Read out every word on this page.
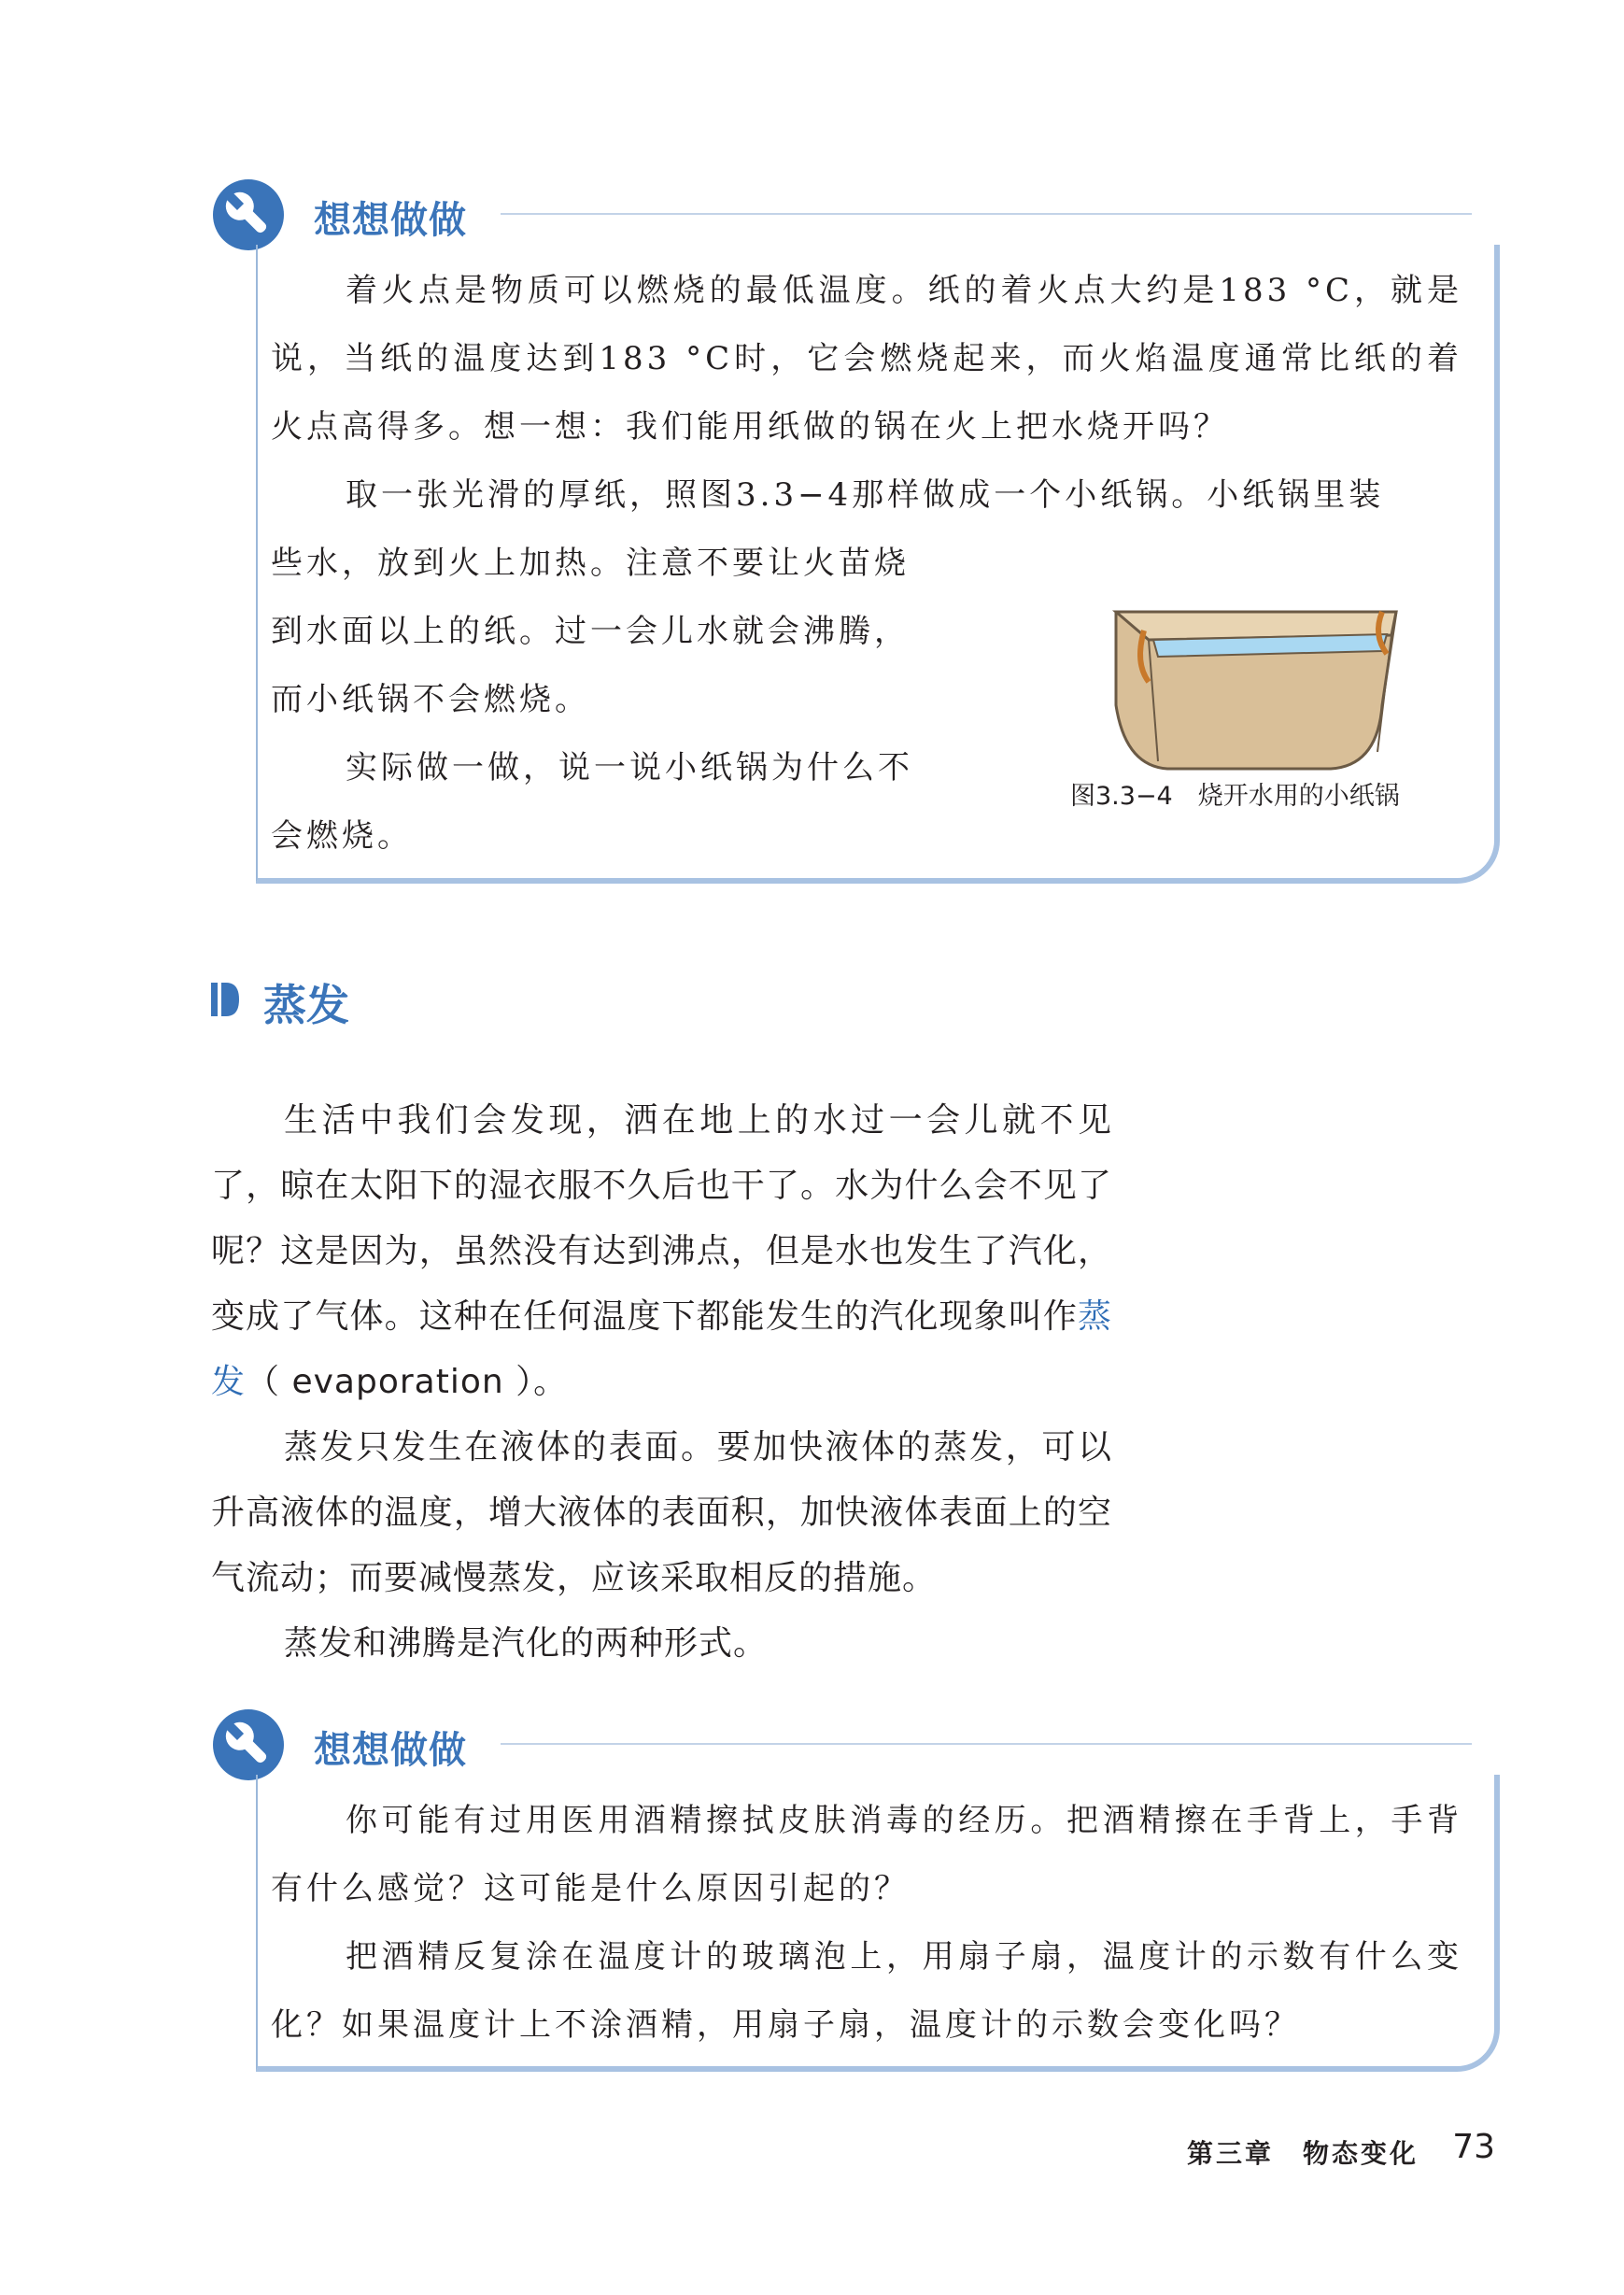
想想做做

着火点是物质可以燃烧的最低温度。纸的着火点大约是183 °C，就是说，当纸的温度达到183 °C时，它会燃烧起来，而火焰温度通常比纸的着火点高得多。想一想：我们能用纸做的锅在火上把水烧开吗？

取一张光滑的厚纸，照图3.3−4那样做成一个小纸锅。小纸锅里装

些水，放到火上加热。注意不要让火苗烧

到水面以上的纸。过一会儿水就会沸腾，

而小纸锅不会燃烧。

实际做一做，说一说小纸锅为什么不

会燃烧。

图3.3−4　烧开水用的小纸锅
蒸发

生活中我们会发现，洒在地上的水过一会儿就不见了，晾在太阳下的湿衣服不久后也干了。水为什么会不见了呢？这是因为，虽然没有达到沸点，但是水也发生了汽化，变成了气体。这种在任何温度下都能发生的汽化现象叫作蒸发（ evaporation ）。

蒸发只发生在液体的表面。要加快液体的蒸发，可以升高液体的温度，增大液体的表面积，加快液体表面上的空气流动；而要减慢蒸发，应该采取相反的措施。

蒸发和沸腾是汽化的两种形式。

想想做做

你可能有过用医用酒精擦拭皮肤消毒的经历。把酒精擦在手背上，手背有什么感觉？这可能是什么原因引起的？

把酒精反复涂在温度计的玻璃泡上，用扇子扇，温度计的示数有什么变化？如果温度计上不涂酒精，用扇子扇，温度计的示数会变化吗？

第三章　物态变化 73
